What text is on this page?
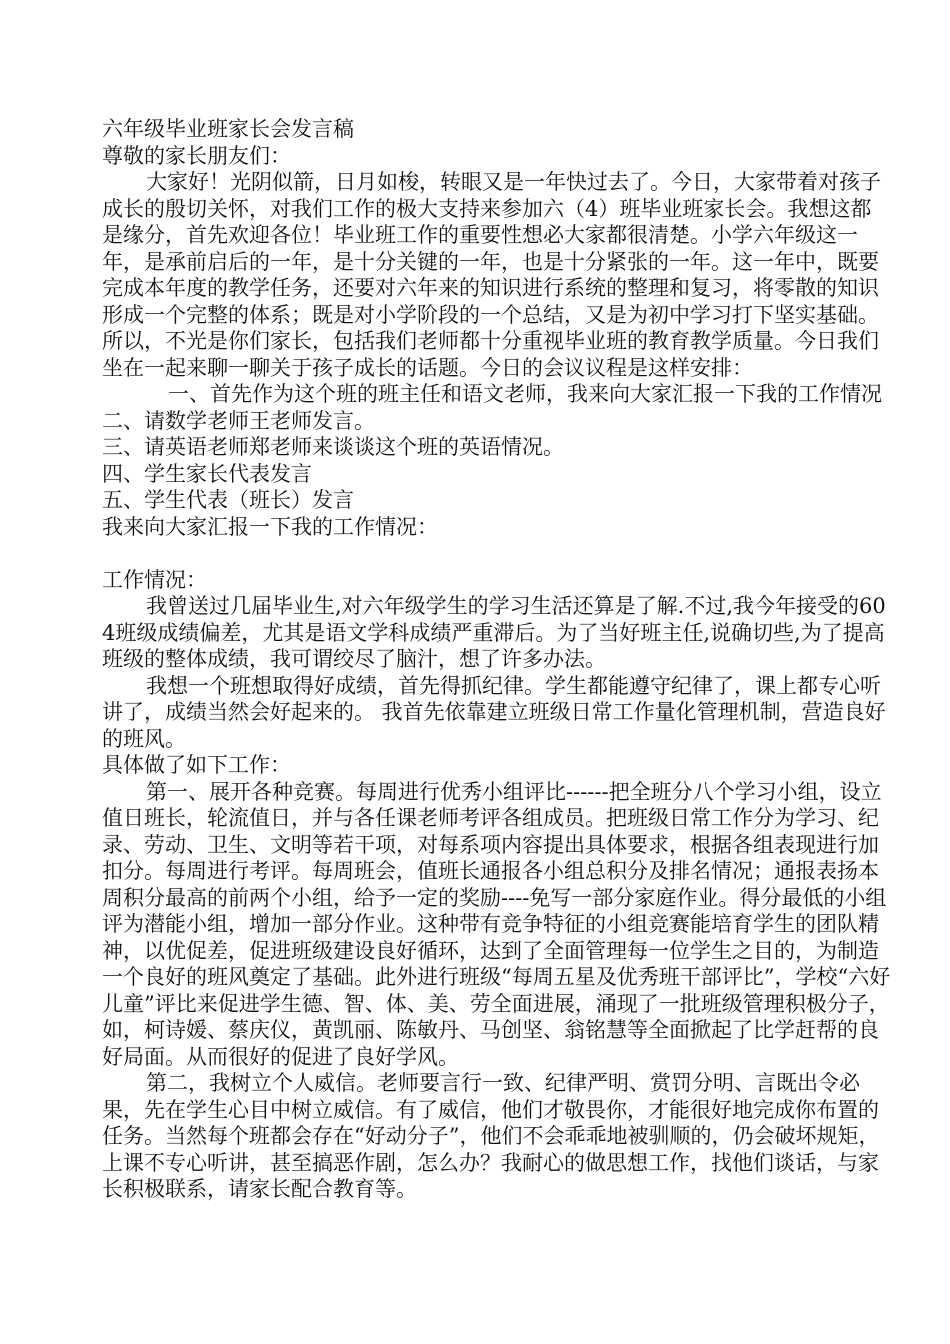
六年级毕业班家长会发言稿

尊敬的家长朋友们：

大家好！光阴似箭，日月如梭，转眼又是一年快过去了。今日，大家带着对孩子成长的殷切关怀，对我们工作的极大支持来参加六（4）班毕业班家长会。我想这都是缘分，首先欢迎各位！毕业班工作的重要性想必大家都很清楚。小学六年级这一年，是承前启后的一年，是十分关键的一年，也是十分紧张的一年。这一年中，既要完成本年度的教学任务，还要对六年来的知识进行系统的整理和复习，将零散的知识形成一个完整的体系；既是对小学阶段的一个总结，又是为初中学习打下坚实基础。所以，不光是你们家长，包括我们老师都十分重视毕业班的教育教学质量。今日我们坐在一起来聊一聊关于孩子成长的话题。今日的会议议程是这样安排：

一、首先作为这个班的班主任和语文老师，我来向大家汇报一下我的工作情况

二、请数学老师王老师发言。

三、请英语老师郑老师来谈谈这个班的英语情况。

四、学生家长代表发言

五、学生代表（班长）发言

我来向大家汇报一下我的工作情况：

工作情况：

我曾送过几届毕业生,对六年级学生的学习生活还算是了解.不过,我今年接受的604班级成绩偏差，尤其是语文学科成绩严重滞后。为了当好班主任,说确切些,为了提高班级的整体成绩，我可谓绞尽了脑汁，想了许多办法。

我想一个班想取得好成绩，首先得抓纪律。学生都能遵守纪律了，课上都专心听讲了，成绩当然会好起来的。 我首先依靠建立班级日常工作量化管理机制，营造良好的班风。

具体做了如下工作：

第一、展开各种竞赛。每周进行优秀小组评比------把全班分八个学习小组，设立值日班长，轮流值日，并与各任课老师考评各组成员。把班级日常工作分为学习、纪录、劳动、卫生、文明等若干项，对每系项内容提出具体要求，根据各组表现进行加扣分。每周进行考评。每周班会，值班长通报各小组总积分及排名情况；通报表扬本周积分最高的前两个小组，给予一定的奖励----免写一部分家庭作业。得分最低的小组评为潜能小组，增加一部分作业。这种带有竞争特征的小组竞赛能培育学生的团队精神，以优促差，促进班级建设良好循环，达到了全面管理每一位学生之目的，为制造一个良好的班风奠定了基础。此外进行班级“每周五星及优秀班干部评比”，学校“六好儿童”评比来促进学生德、智、体、美、劳全面进展，涌现了一批班级管理积极分子，如，柯诗媛、蔡庆仪，黄凯丽、陈敏丹、马创坚、翁铭慧等全面掀起了比学赶帮的良好局面。从而很好的促进了良好学风。

第二，我树立个人威信。老师要言行一致、纪律严明、赏罚分明、言既出令必果，先在学生心目中树立威信。有了威信，他们才敬畏你，才能很好地完成你布置的任务。当然每个班都会存在“好动分子”，他们不会乖乖地被驯顺的，仍会破坏规矩，上课不专心听讲，甚至搞恶作剧，怎么办？我耐心的做思想工作，找他们谈话，与家长积极联系，请家长配合教育等。
